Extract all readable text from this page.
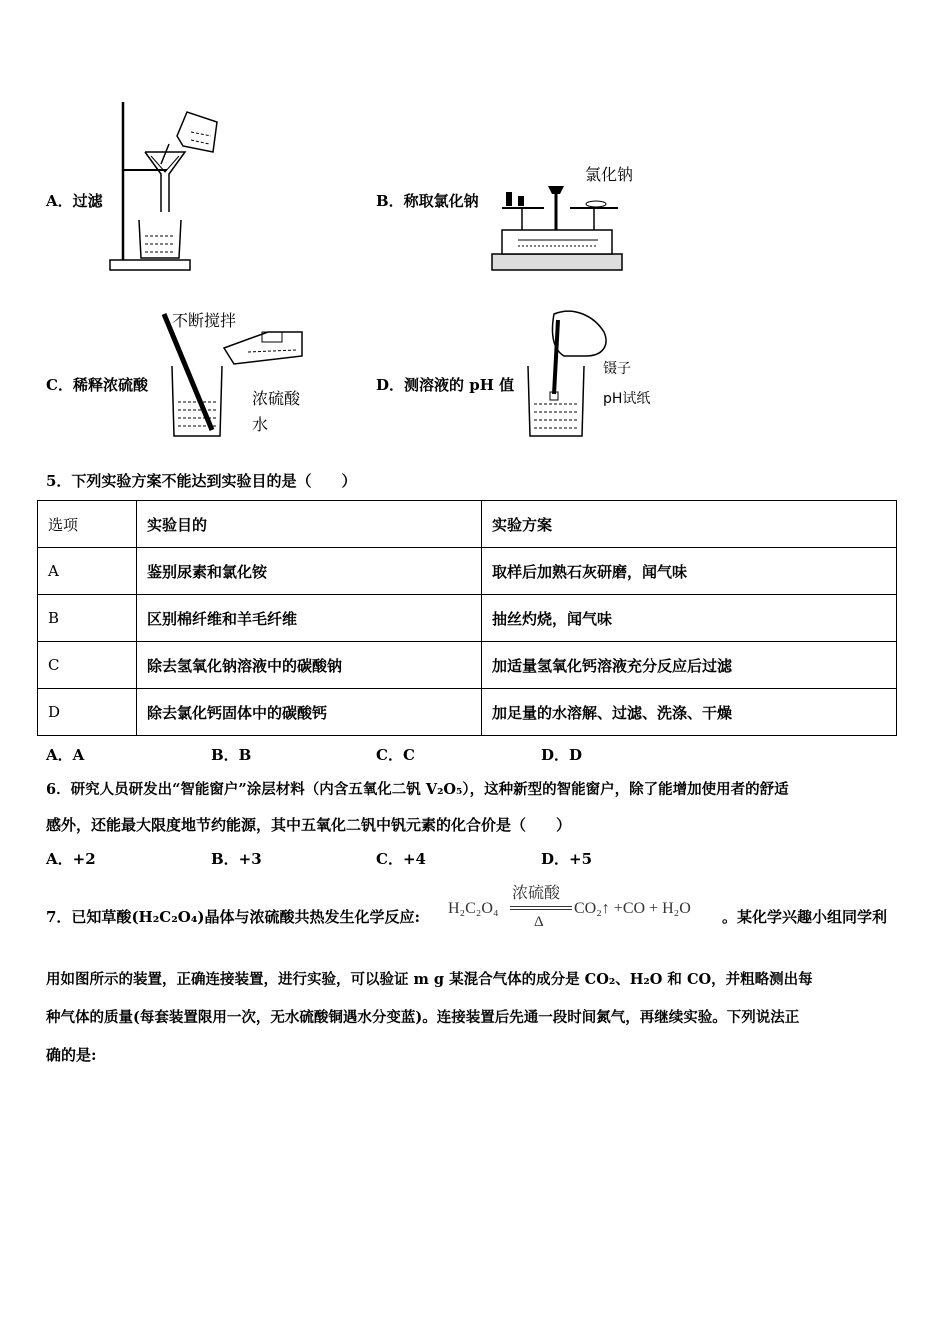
A．过滤	B．称取氯化钠
氯化钠
C．稀释浓硫酸
不断搅拌
浓硫酸
水
D．测溶液的 pH 值
镊子
pH试纸
5．下列实验方案不能达到实验目的是（　　）
选项	实验目的	实验方案
A	鉴别尿素和氯化铵	取样后加熟石灰研磨，闻气味
B	区别棉纤维和羊毛纤维	抽丝灼烧，闻气味
C	除去氢氧化钠溶液中的碳酸钠	加适量氢氧化钙溶液充分反应后过滤
D	除去氯化钙固体中的碳酸钙	加足量的水溶解、过滤、洗涤、干燥
A．A	B．B	C．C	D．D
6．研究人员研发出“智能窗户”涂层材料（内含五氧化二钒 V₂O₅），这种新型的智能窗户，除了能增加使用者的舒适
感外，还能最大限度地节约能源，其中五氧化二钒中钒元素的化合价是（　　）
A．+2	B．+3	C．+4	D．+5
7．已知草酸(H₂C₂O₄)晶体与浓硫酸共热发生化学反应: H₂C₂O₄
浓硫酸
Δ
CO₂↑ +CO + H₂O 。某化学兴趣小组同学利
用如图所示的装置，正确连接装置，进行实验，可以验证 m g 某混合气体的成分是 CO₂、H₂O 和 CO，并粗略测出每
种气体的质量(每套装置限用一次，无水硫酸铜遇水分变蓝)。连接装置后先通一段时间氮气，再继续实验。下列说法正
确的是:
